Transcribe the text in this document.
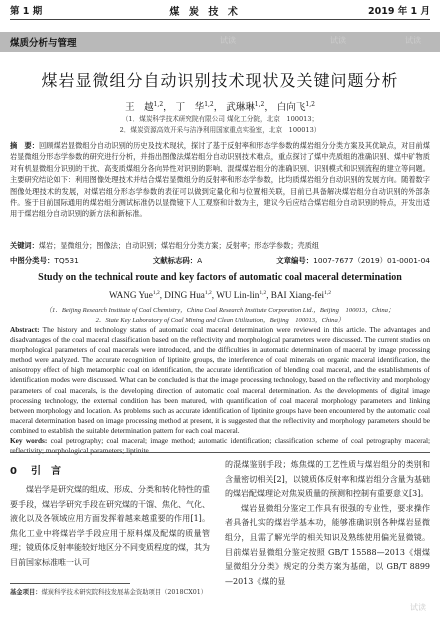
第 1 期	煤 炭 技 术	2019 年 1 月
煤质分析与管理	试读	试读	试读
煤岩显微组分自动识别技术现状及关键问题分析
王　越$^{1,2}$， 丁　华$^{1,2}$， 武琳琳$^{1,2}$， 白向飞$^{1,2}$
（1．煤炭科学技术研究院有限公司 煤化工分院，北京　100013；
2．煤炭资源高效开采与洁净利用国家重点实验室，北京　100013）
摘　要：回顾煤岩显微组分自动识别的历史及技术现状，探讨了基于反射率和形态学参数的煤岩组分分类方案及其优缺点，对目前煤岩显微组分形态学参数的研究进行分析，并指出图像法煤岩组分自动识别技术难点，重点探讨了煤中壳质组的准确识别、煤中矿物质对有机显微组分识别的干扰、高变质煤组分各向异性对识别的影响、混煤煤岩组分的准确识别、识别模式和识别流程的建立等问题。主要研究结论如下：利用图像处理技术并结合煤岩显微组分的反射率和形态学参数，比均质煤岩组分自动识别的发展方向。随着数字图像处理技术的发展，对煤岩组分形态学参数的表征可以做到定量化和与位置相关联，目前已具备解决煤岩组分自动识别的外部条件。鉴于目前国际通用的煤岩组分测试标准仍以显微镜下人工观察和计数为主，建议今后应结合煤岩组分自动识别的特点，开发出适用于煤岩组分自动识别的新方法和新标准。
关键词：煤岩；显微组分；图像法；自动识别；煤岩组分分类方案；反射率；形态学参数；壳质组
中图分类号：TQ531	文献标志码：A	文章编号：1007-7677（2019）01-0001-04
Study on the technical route and key factors of automatic coal maceral determination
WANG Yue$^{1,2}$, DING Hua$^{1,2}$, WU Lin-lin$^{1,2}$, BAI Xiang-fei$^{1,2}$
（1．Beijing Research Institute of Coal Chemistry，China Coal Research Institute Corporation Ltd.，Beijing　100013，China；
2．State Key Laboratory of Coal Mining and Clean Utilization，Beijing　100013，China）
Abstract: The history and technology status of automatic coal maceral determination were reviewed in this article. The advantages and disadvantages of the coal maceral classification based on the reflectivity and morphological parameters were discussed. The current studies on morphological parameters of coal macerals were introduced, and the difficulties in automatic determination of maceral by image processing method were analyzed. The accurate recognition of liptinite groups, the interference of coal minerals on organic maceral identification, the anisotropy effect of high metamorphic coal on identification, the accurate identification of blending coal maceral, and the establishments of identification modes were discussed. What can be concluded is that the image processing technology, based on the reflectivity and morphology parameters of coal macerals, is the developing direction of automatic coal maceral determination. As the developments of digital image processing technology, the external condition has been matured, with quantification of coal maceral morphology parameters and linking between morphology and location. As problems such as accurate identification of liptinite groups have been encountered by the automatic coal maceral determination based on image processing method at present, it is suggested that the reflectivity and morphology parameters should be combined to establish the suitable determination pattern for each coal maceral.
Key words: coal petrography; coal maceral; image method; automatic identification; classification scheme of coal petrography maceral; reflectivity; morphological parameters; liptinite
0 引　言

煤岩学是研究煤的组成、形成、分类和转化特性的重要手段，煤岩学研究手段在研究煤的干馏、焦化、气化、液化以及各领域应用方面发挥着越来越重要的作用[1]。焦化工业中将煤岩学手段应用于原料煤及配煤的质量管理；镜质体反射率能较好地区分不同变质程度的煤，其为目前国家标准唯一认可

的混煤鉴别手段；炼焦煤的工艺性质与煤岩组分的类别和含量密切相关[2]，以镜质体反射率和煤岩组分含量为基础的煤岩配煤理论对焦炭质量的预测和控制有重要意义[3]。

煤岩显微组分鉴定工作具有很强的专业性，要求操作者具备扎实的煤岩学基本功，能够准确识别各种煤岩显微组分，且需了解光学的相关知识及熟练使用偏光显微镜。目前煤岩显微组分鉴定按照 GB/T 15588—2013《烟煤显微组分分类》规定的分类方案为基础，以 GB/T 8899—2013《煤的显

基金项目：煤炭科学技术研究院科技发展基金资助项目（2018CX01）
试读
